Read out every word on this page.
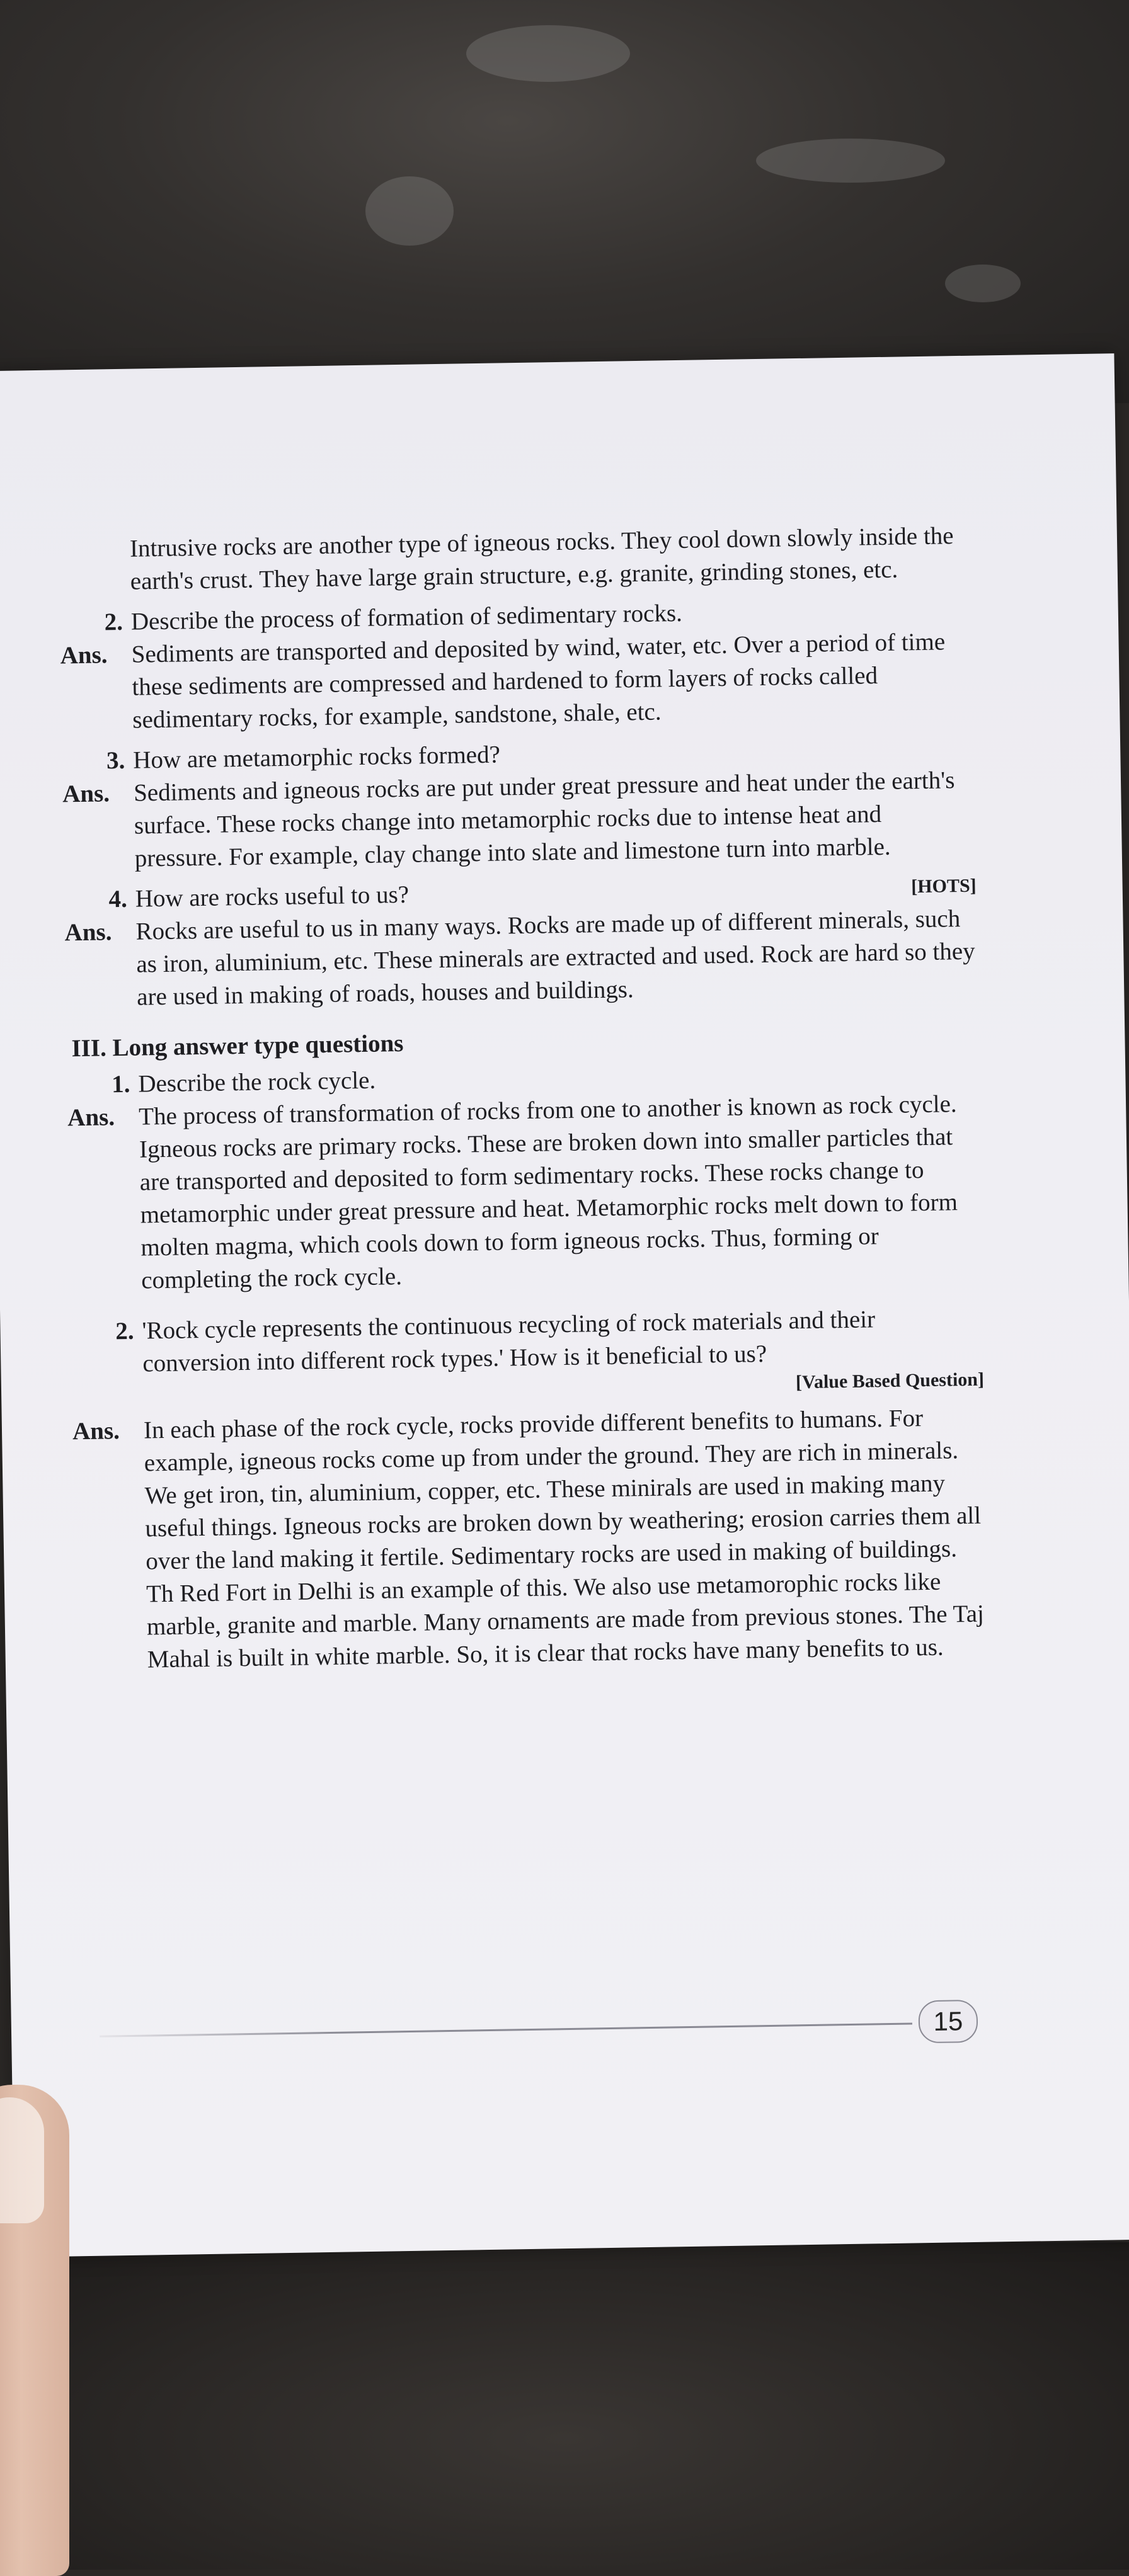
Intrusive rocks are another type of igneous rocks. They cool down slowly inside the earth's crust. They have large grain structure, e.g. granite, grinding stones, etc.

2. Describe the process of formation of sedimentary rocks.
Ans. Sediments are transported and deposited by wind, water, etc. Over a period of time these sediments are compressed and hardened to form layers of rocks called sedimentary rocks, for example, sandstone, shale, etc.
3. How are metamorphic rocks formed?
Ans. Sediments and igneous rocks are put under great pressure and heat under the earth's surface. These rocks change into metamorphic rocks due to intense heat and pressure. For example, clay change into slate and limestone turn into marble.
4. How are rocks useful to us?	[HOTS]
Ans. Rocks are useful to us in many ways. Rocks are made up of different minerals, such as iron, aluminium, etc. These minerals are extracted and used. Rock are hard so they are used in making of roads, houses and buildings.
III. Long answer type questions
1. Describe the rock cycle.
Ans. The process of transformation of rocks from one to another is known as rock cycle. Igneous rocks are primary rocks. These are broken down into smaller particles that are transported and deposited to form sedimentary rocks. These rocks change to metamorphic under great pressure and heat. Metamorphic rocks melt down to form molten magma, which cools down to form igneous rocks. Thus, forming or completing the rock cycle.
2. 'Rock cycle represents the continuous recycling of rock materials and their conversion into different rock types.' How is it beneficial to us?
[Value Based Question]
Ans. In each phase of the rock cycle, rocks provide different benefits to humans. For example, igneous rocks come up from under the ground. They are rich in minerals. We get iron, tin, aluminium, copper, etc. These minirals are used in making many useful things. Igneous rocks are broken down by weathering; erosion carries them all over the land making it fertile. Sedimentary rocks are used in making of buildings. Th Red Fort in Delhi is an example of this. We also use metamorophic rocks like marble, granite and marble. Many ornaments are made from previous stones. The Taj Mahal is built in white marble. So, it is clear that rocks have many benefits to us.
15
